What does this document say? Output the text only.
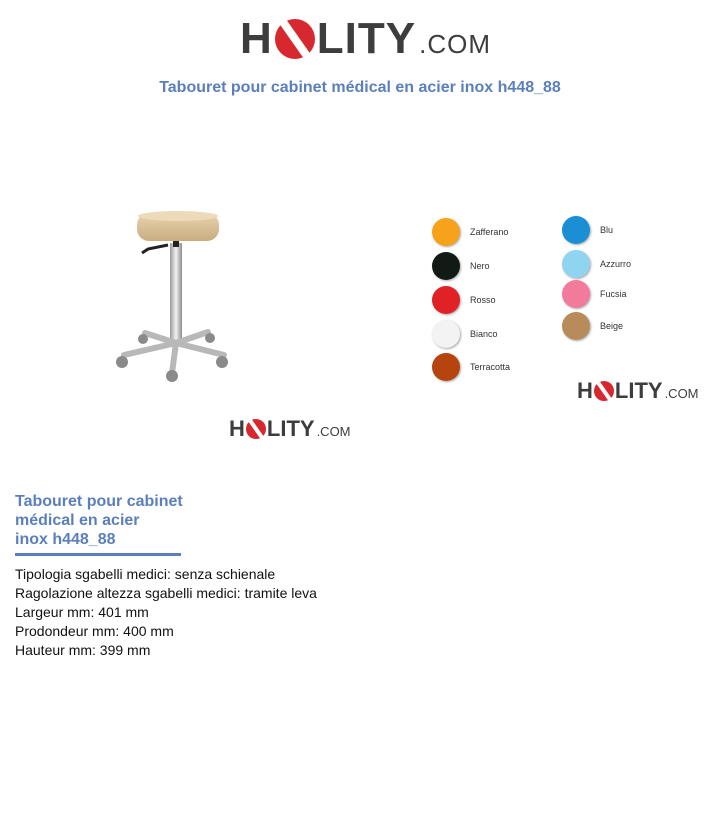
H LITY .COM
Tabouret pour cabinet médical en acier inox h448_88
H LITY .COM
Zafferano
Nero
Rosso
Bianco
Terracotta
Blu
Azzurro
Fucsia
Beige
H LITY .COM
Tabouret pour cabinet
médical en acier
inox h448_88
Tipologia sgabelli medici: senza schienale
Ragolazione altezza sgabelli medici: tramite leva
Largeur mm: 401 mm
Prodondeur mm: 400 mm
Hauteur mm: 399 mm
